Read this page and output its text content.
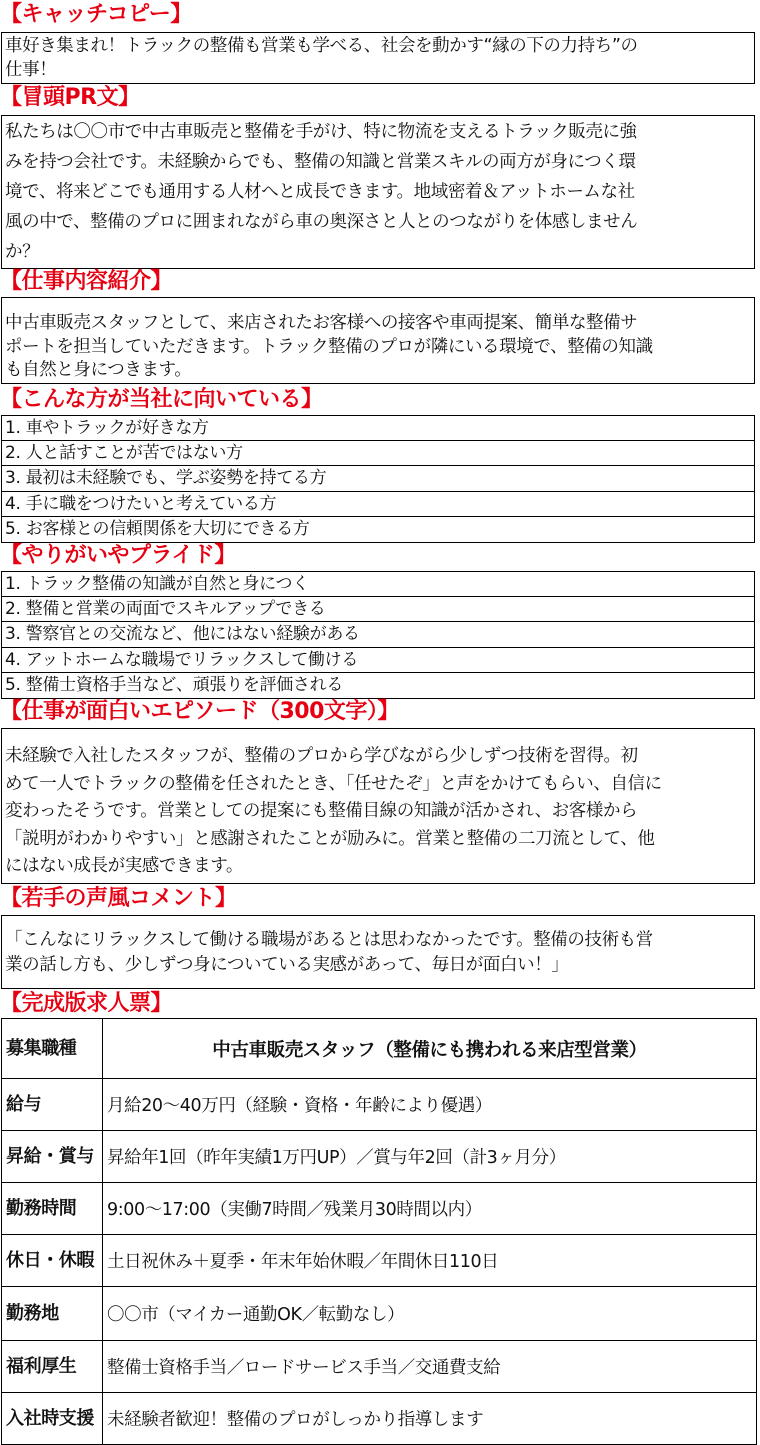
【キャッチコピー】
車好き集まれ！トラックの整備も営業も学べる、社会を動かす“縁の下の力持ち”の
仕事！
【冒頭PR文】
私たちは〇〇市で中古車販売と整備を手がけ、特に物流を支えるトラック販売に強
みを持つ会社です。未経験からでも、整備の知識と営業スキルの両方が身につく環
境で、将来どこでも通用する人材へと成長できます。地域密着＆アットホームな社
風の中で、整備のプロに囲まれながら車の奥深さと人とのつながりを体感しません
か？
【仕事内容紹介】
中古車販売スタッフとして、来店されたお客様への接客や車両提案、簡単な整備サ
ポートを担当していただきます。トラック整備のプロが隣にいる環境で、整備の知識
も自然と身につきます。
【こんな方が当社に向いている】
1. 車やトラックが好きな方
2. 人と話すことが苦ではない方
3. 最初は未経験でも、学ぶ姿勢を持てる方
4. 手に職をつけたいと考えている方
5. お客様との信頼関係を大切にできる方
【やりがいやプライド】
1. トラック整備の知識が自然と身につく
2. 整備と営業の両面でスキルアップできる
3. 警察官との交流など、他にはない経験がある
4. アットホームな職場でリラックスして働ける
5. 整備士資格手当など、頑張りを評価される
【仕事が面白いエピソード（300文字）】
未経験で入社したスタッフが、整備のプロから学びながら少しずつ技術を習得。初
めて一人でトラックの整備を任されたとき、「任せたぞ」と声をかけてもらい、自信に
変わったそうです。営業としての提案にも整備目線の知識が活かされ、お客様から
「説明がわかりやすい」と感謝されたことが励みに。営業と整備の二刀流として、他
にはない成長が実感できます。
【若手の声風コメント】
「こんなにリラックスして働ける職場があるとは思わなかったです。整備の技術も営
業の話し方も、少しずつ身についている実感があって、毎日が面白い！」
【完成版求人票】
募集職種	中古車販売スタッフ（整備にも携われる来店型営業）
給与	月給20～40万円（経験・資格・年齢により優遇）
昇給・賞与	昇給年1回（昨年実績1万円UP）／賞与年2回（計3ヶ月分）
勤務時間	9:00～17:00（実働7時間／残業月30時間以内）
休日・休暇	土日祝休み＋夏季・年末年始休暇／年間休日110日
勤務地	〇〇市（マイカー通勤OK／転勤なし）
福利厚生	整備士資格手当／ロードサービス手当／交通費支給
入社時支援	未経験者歓迎！整備のプロがしっかり指導します
